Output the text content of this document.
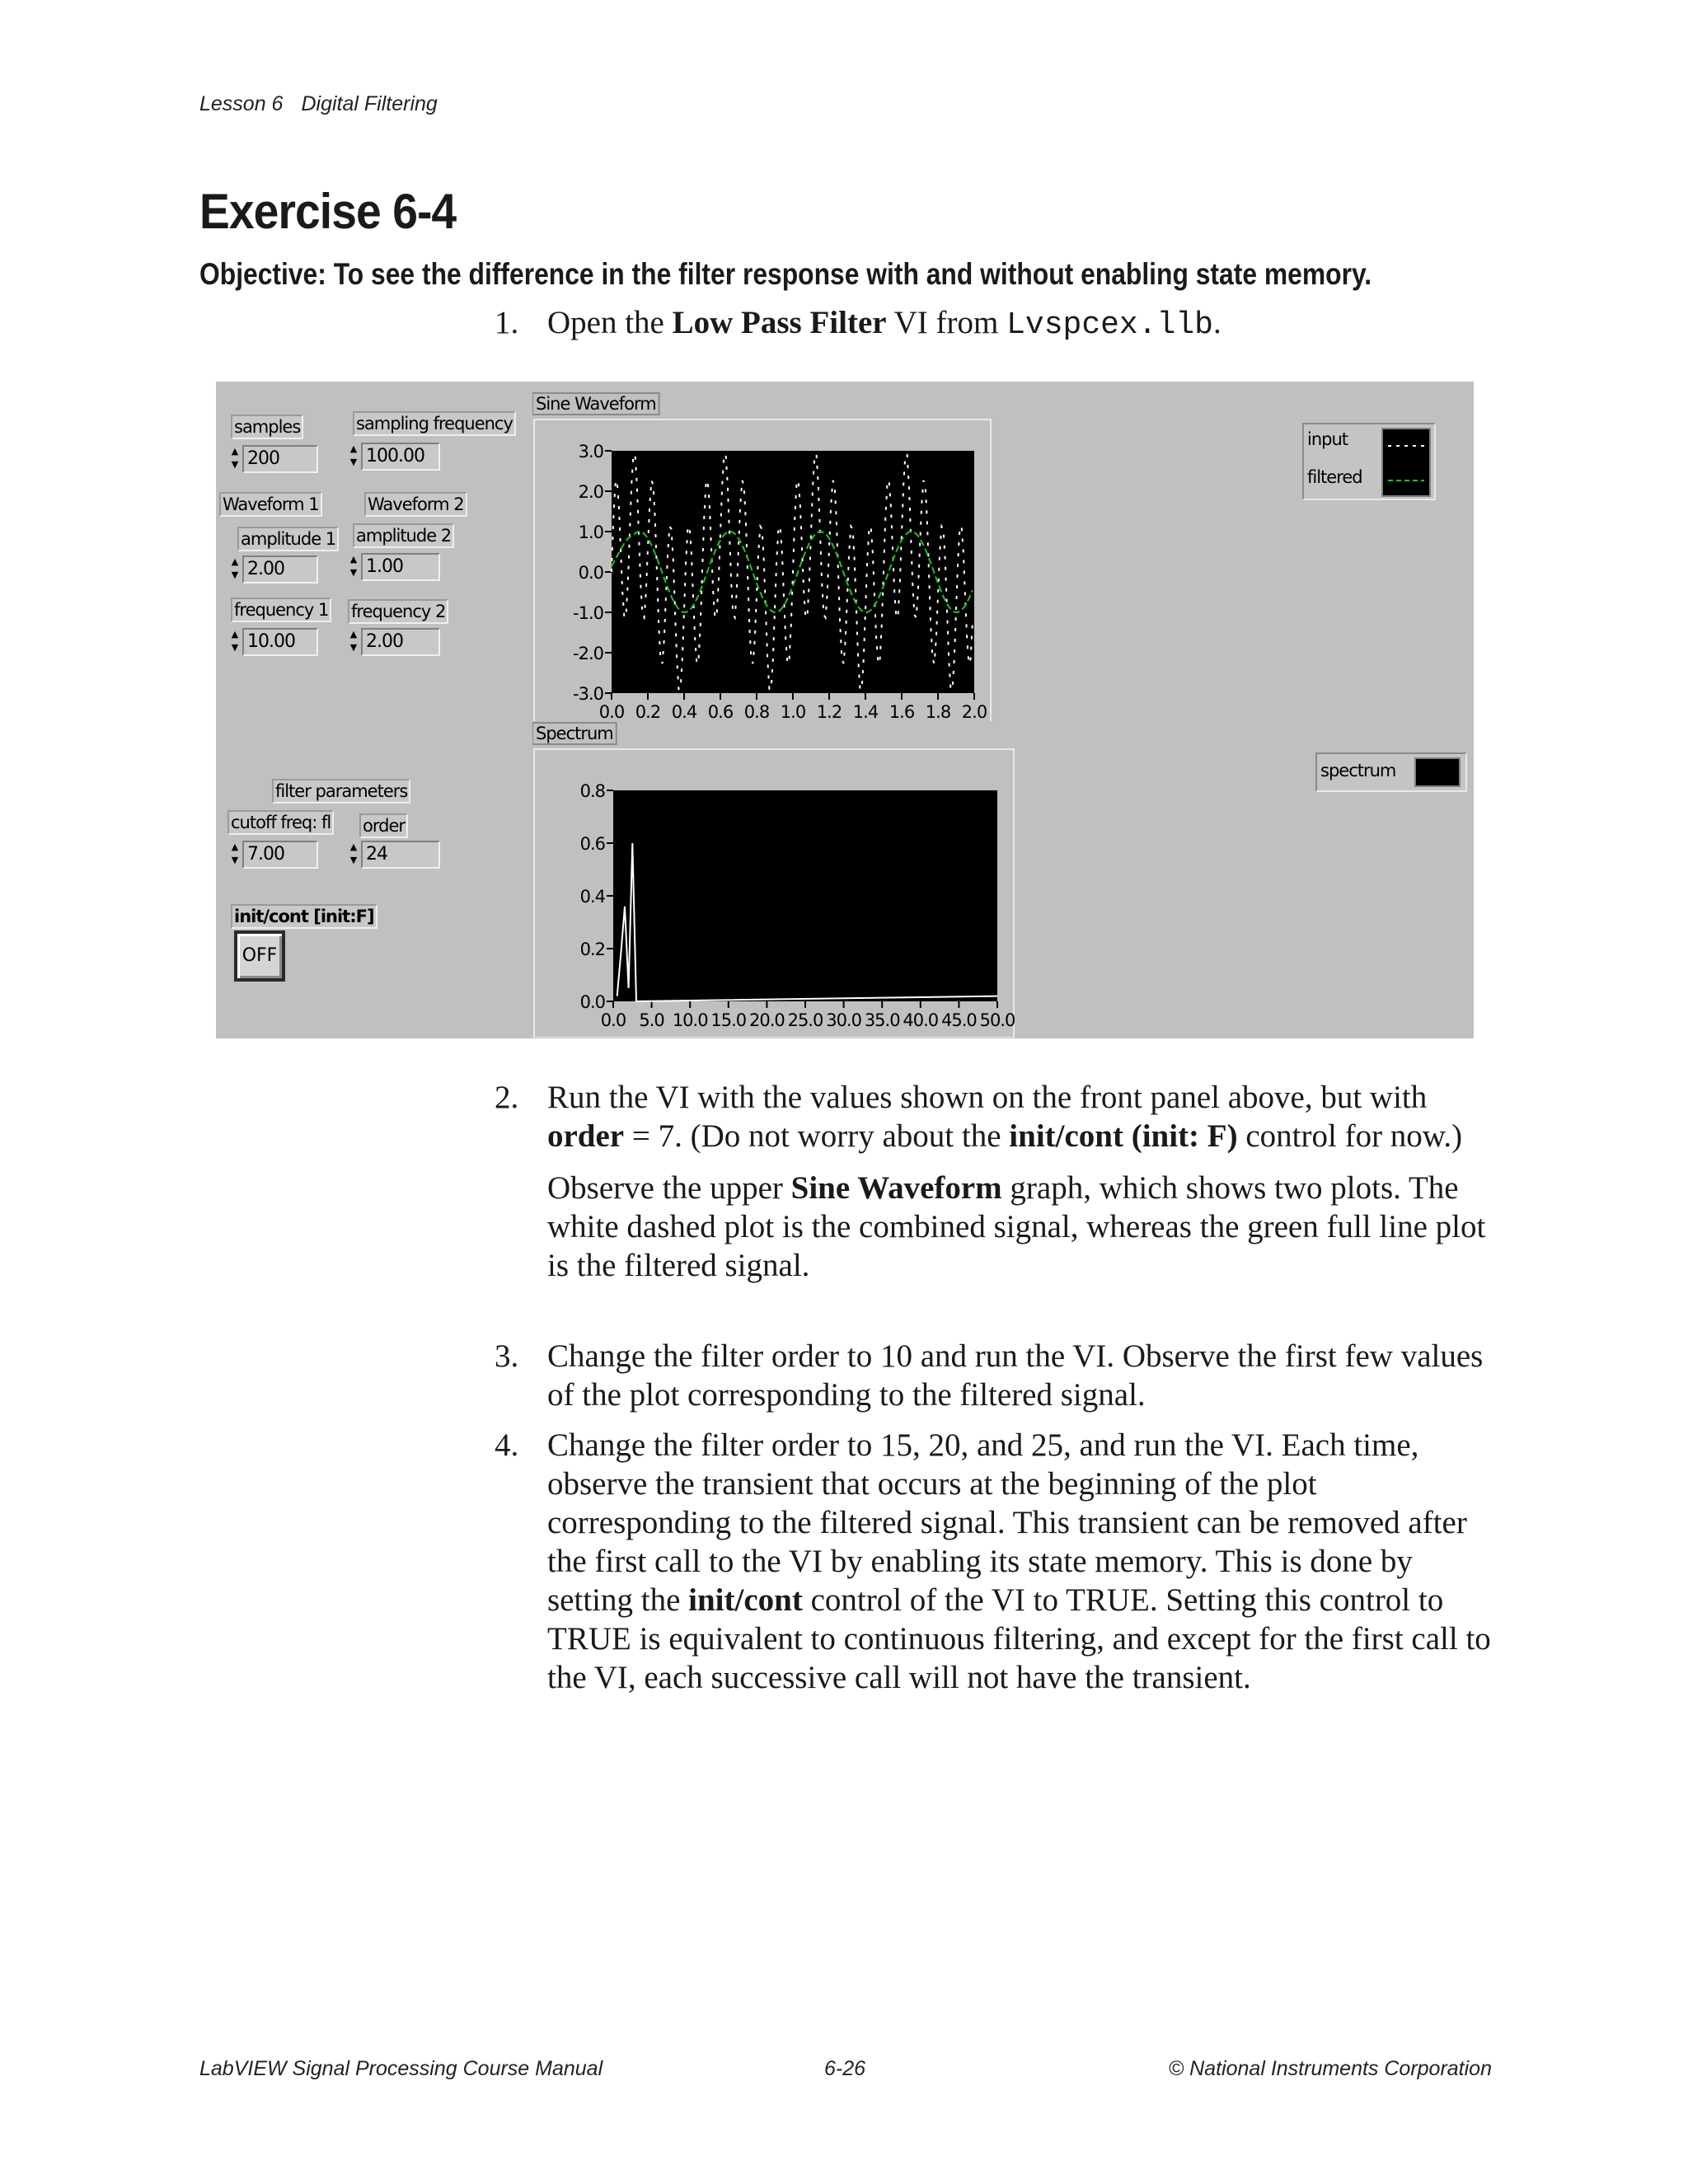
Lesson 6 Digital Filtering
Exercise 6-4

Objective: To see the difference in the filter response with and without enabling state memory.

1. Open the Low Pass Filter VI from Lvspcex.llb.
samples
▲
▼ 200
sampling frequency
▲
▼ 100.00
Waveform 1	Waveform 2
amplitude 1
▲
▼ 2.00
amplitude 2
▲
▼ 1.00
frequency 1
▲
▼ 10.00
frequency 2
▲
▼ 2.00
filter parameters
cutoff freq: fl order
▲
▼ 7.00	▲
▼ 24
init/cont [init:F]
OFF
Sine Waveform
3.0
2.0
1.0
0.0
-1.0
-2.0
-3.0
0.0 0.2 0.4 0.6 0.8 1.0 1.2 1.4 1.6 1.8 2.0
Spectrum
0.8
0.6
0.4
0.2
0.0
0.0 5.0 10.0 15.0 20.0 25.0 30.0 35.0 40.0 45.0 50.0
input
filtered
spectrum
2. Run the VI with the values shown on the front panel above, but with order = 7. (Do not worry about the init/cont (init: F) control for now.)

Observe the upper Sine Waveform graph, which shows two plots. The white dashed plot is the combined signal, whereas the green full line plot is the filtered signal.

3. Change the filter order to 10 and run the VI. Observe the first few values of the plot corresponding to the filtered signal.
4. Change the filter order to 15, 20, and 25, and run the VI. Each time, observe the transient that occurs at the beginning of the plot corresponding to the filtered signal. This transient can be removed after the first call to the VI by enabling its state memory. This is done by setting the init/cont control of the VI to TRUE. Setting this control to TRUE is equivalent to continuous filtering, and except for the first call to the VI, each successive call will not have the transient.
LabVIEW Signal Processing Course Manual	6-26	© National Instruments Corporation
